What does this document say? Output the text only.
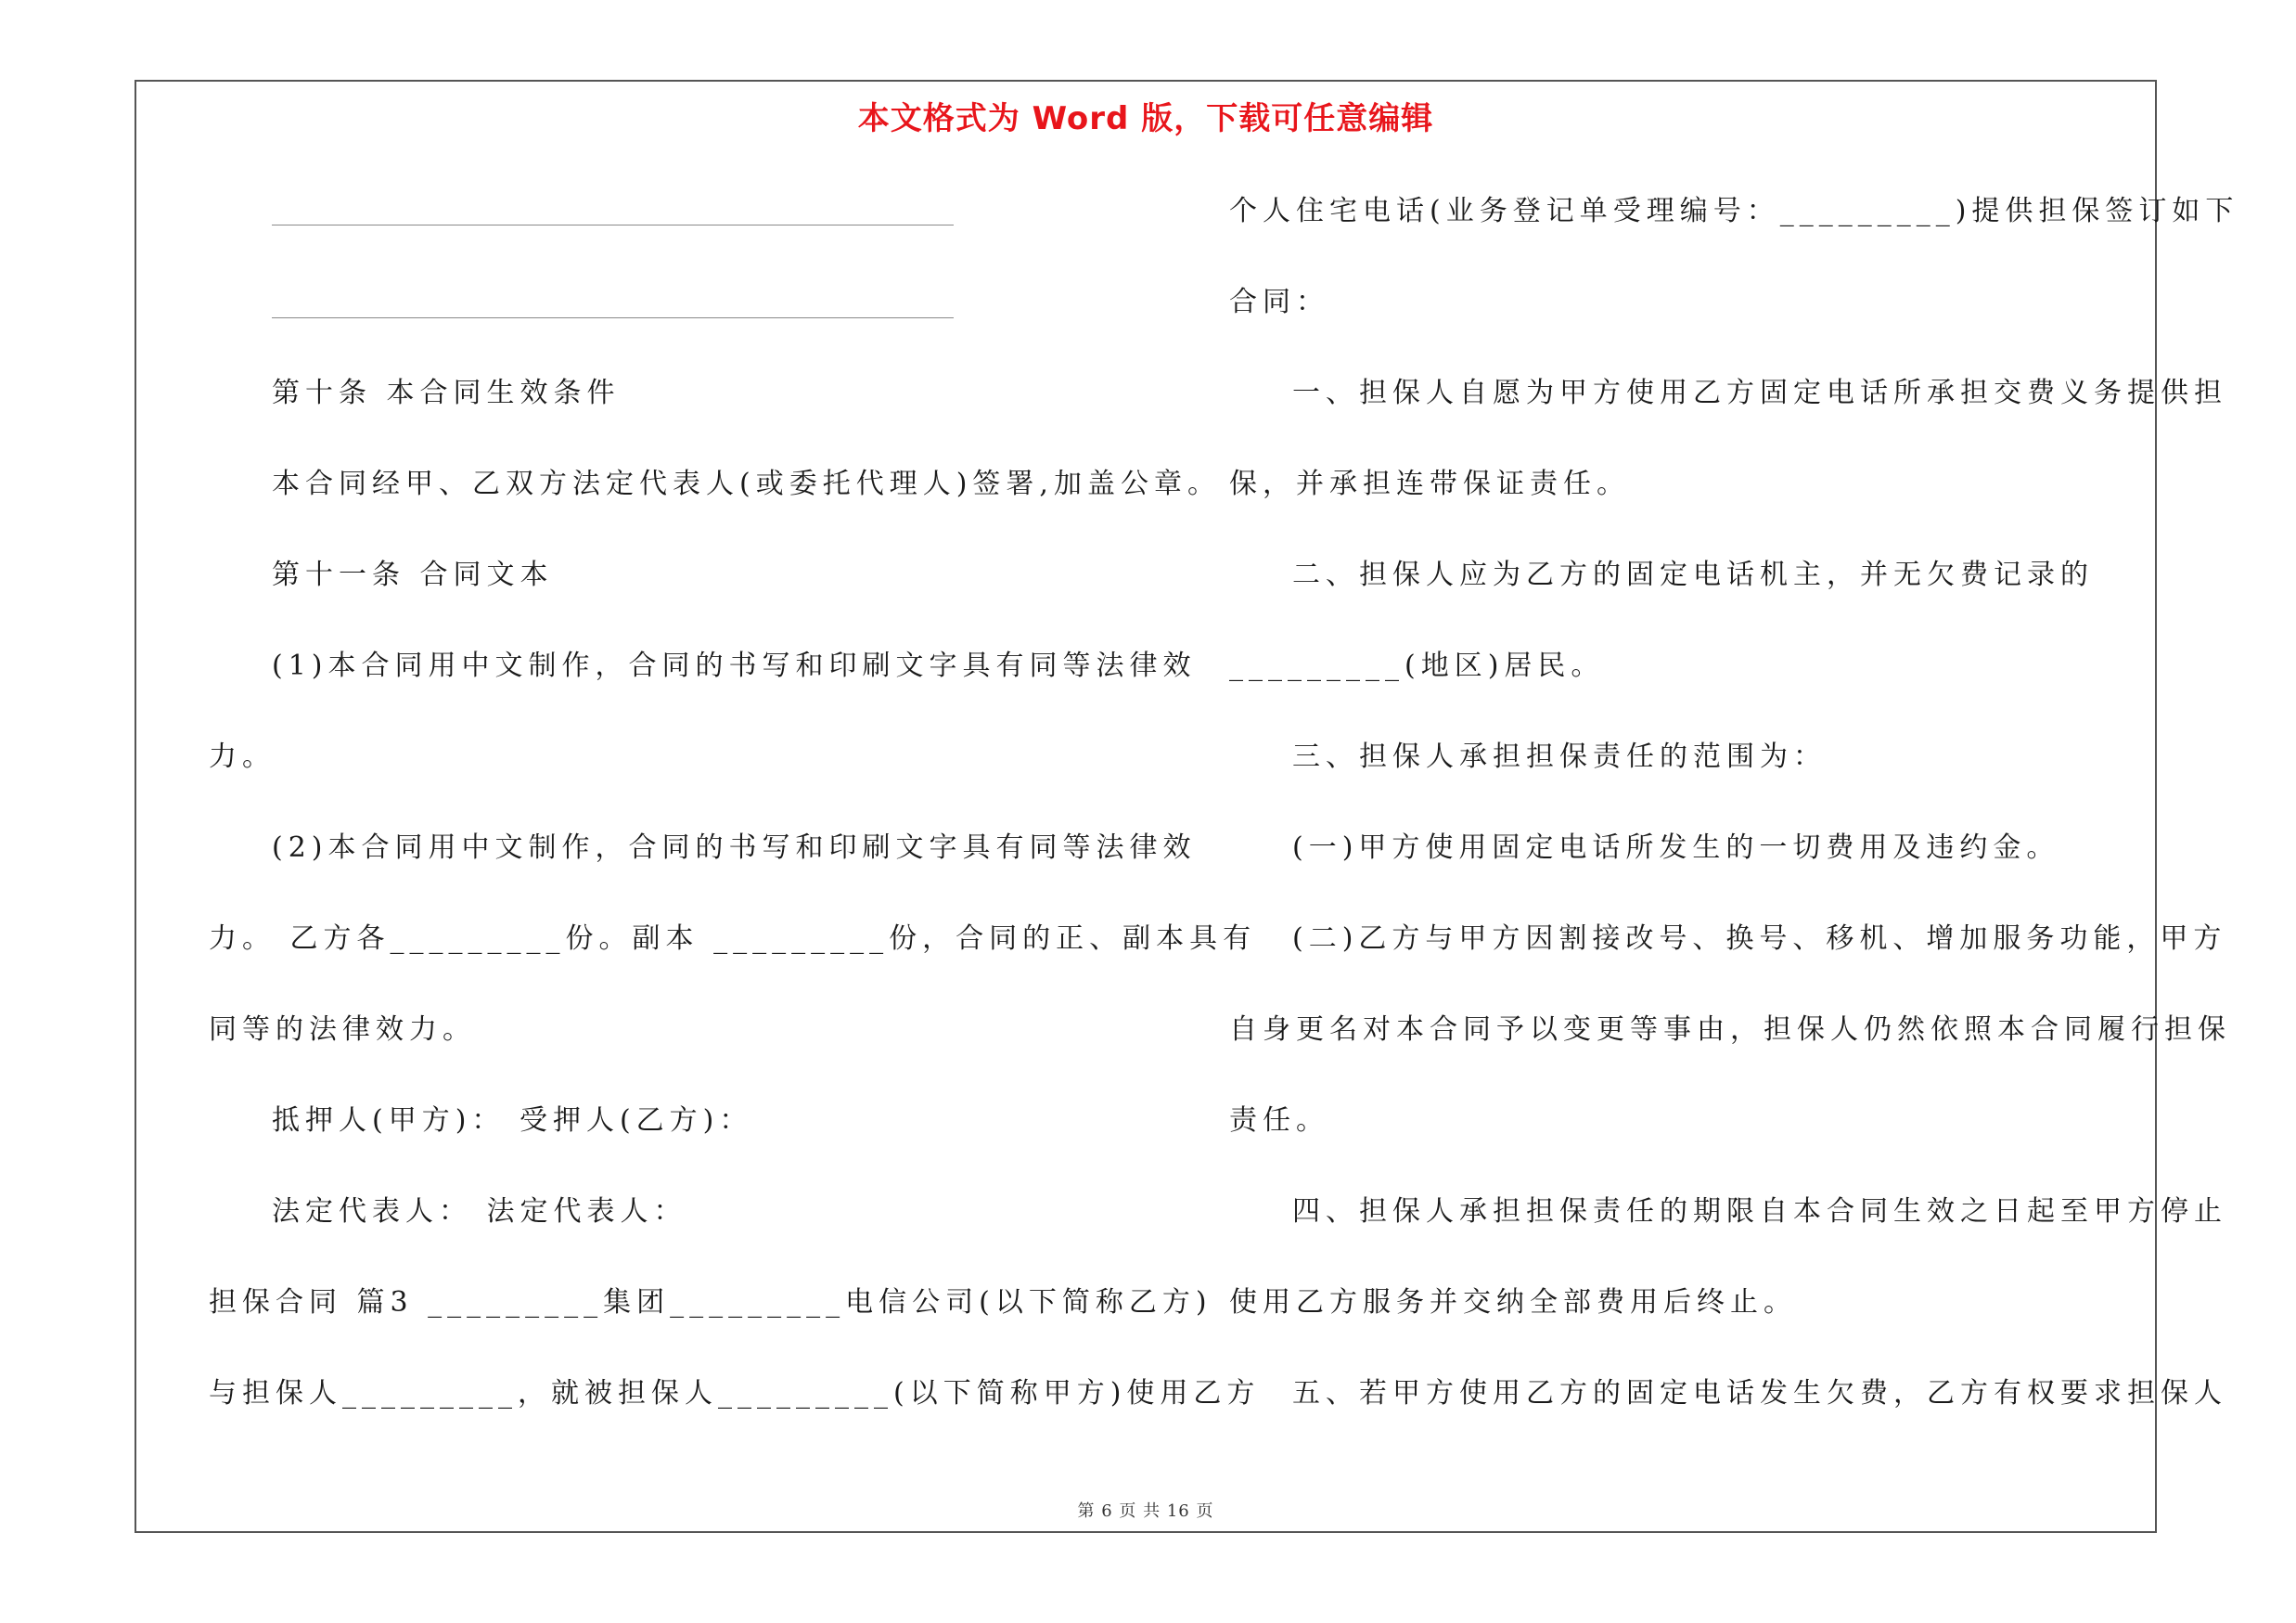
本文格式为 Word 版，下载可任意编辑
第十条 本合同生效条件
本合同经甲、乙双方法定代表人(或委托代理人)签署,加盖公章。
第十一条 合同文本
(1)本合同用中文制作，合同的书写和印刷文字具有同等法律效
力。
(2)本合同用中文制作，合同的书写和印刷文字具有同等法律效
力。 乙方各_________份。副本 _________份，合同的正、副本具有
同等的法律效力。
抵押人(甲方)： 受押人(乙方)：
法定代表人： 法定代表人：
担保合同 篇3 _________集团_________电信公司(以下简称乙方)
与担保人_________，就被担保人_________(以下简称甲方)使用乙方
个人住宅电话(业务登记单受理编号：_________)提供担保签订如下
合同：
一、担保人自愿为甲方使用乙方固定电话所承担交费义务提供担
保，并承担连带保证责任。
二、担保人应为乙方的固定电话机主，并无欠费记录的
_________(地区)居民。
三、担保人承担担保责任的范围为：
(一)甲方使用固定电话所发生的一切费用及违约金。
(二)乙方与甲方因割接改号、换号、移机、增加服务功能，甲方
自身更名对本合同予以变更等事由，担保人仍然依照本合同履行担保
责任。
四、担保人承担担保责任的期限自本合同生效之日起至甲方停止
使用乙方服务并交纳全部费用后终止。
五、若甲方使用乙方的固定电话发生欠费，乙方有权要求担保人
第 6 页 共 16 页
